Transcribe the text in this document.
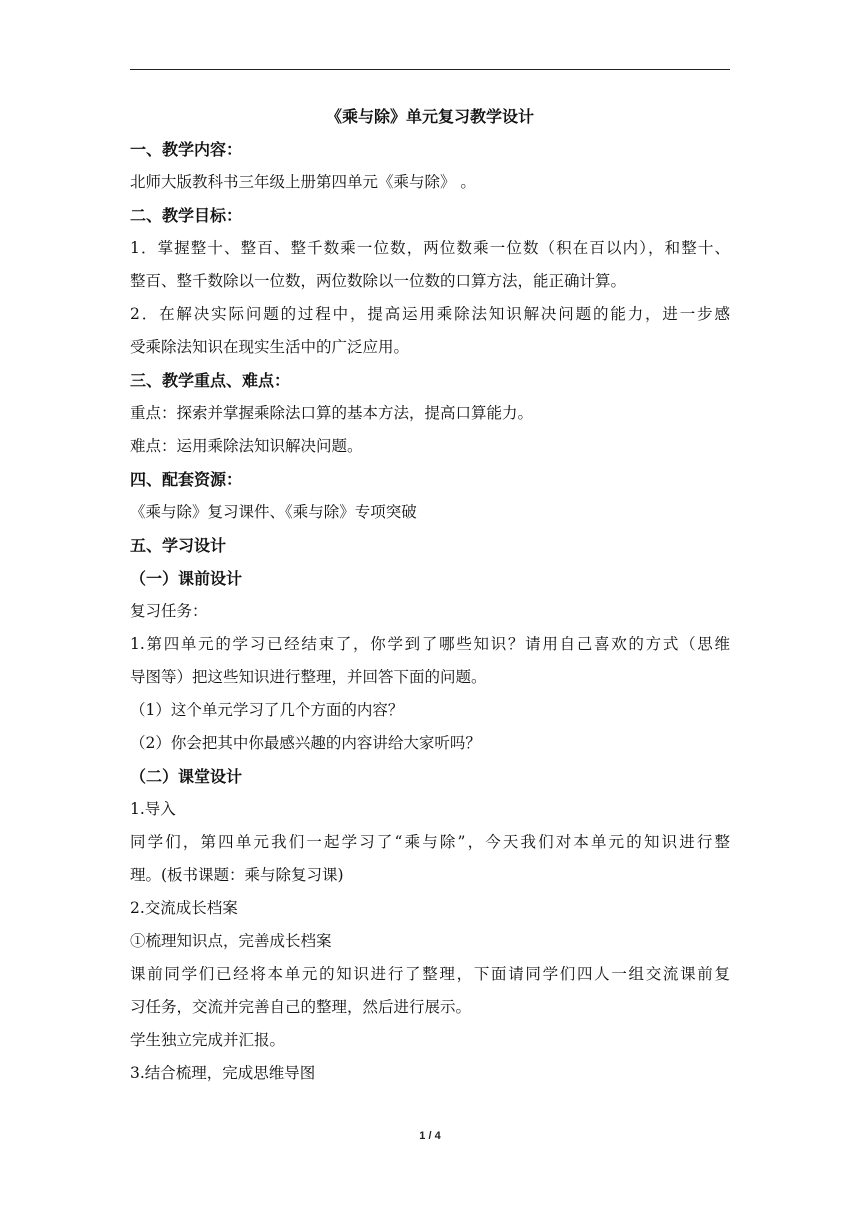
《乘与除》单元复习教学设计
一、教学内容：
北师大版教科书三年级上册第四单元《乘与除》 。
二、教学目标：
1．掌握整十、整百、整千数乘一位数，两位数乘一位数（积在百以内），和整十、
整百、整千数除以一位数，两位数除以一位数的口算方法，能正确计算。
2．在解决实际问题的过程中，提高运用乘除法知识解决问题的能力，进一步感
受乘除法知识在现实生活中的广泛应用。
三、教学重点、难点：
重点：探索并掌握乘除法口算的基本方法，提高口算能力。
难点：运用乘除法知识解决问题。
四、配套资源：
《乘与除》复习课件、《乘与除》专项突破
五、学习设计
（一）课前设计
复习任务：
1.第四单元的学习已经结束了，你学到了哪些知识？请用自己喜欢的方式（思维
导图等）把这些知识进行整理，并回答下面的问题。
（1）这个单元学习了几个方面的内容？
（2）你会把其中你最感兴趣的内容讲给大家听吗？
（二）课堂设计
1.导入
同学们，第四单元我们一起学习了“乘与除”，今天我们对本单元的知识进行整
理。(板书课题：乘与除复习课)
2.交流成长档案
①梳理知识点，完善成长档案
课前同学们已经将本单元的知识进行了整理，下面请同学们四人一组交流课前复
习任务，交流并完善自己的整理，然后进行展示。
学生独立完成并汇报。
3.结合梳理，完成思维导图
1 / 4
